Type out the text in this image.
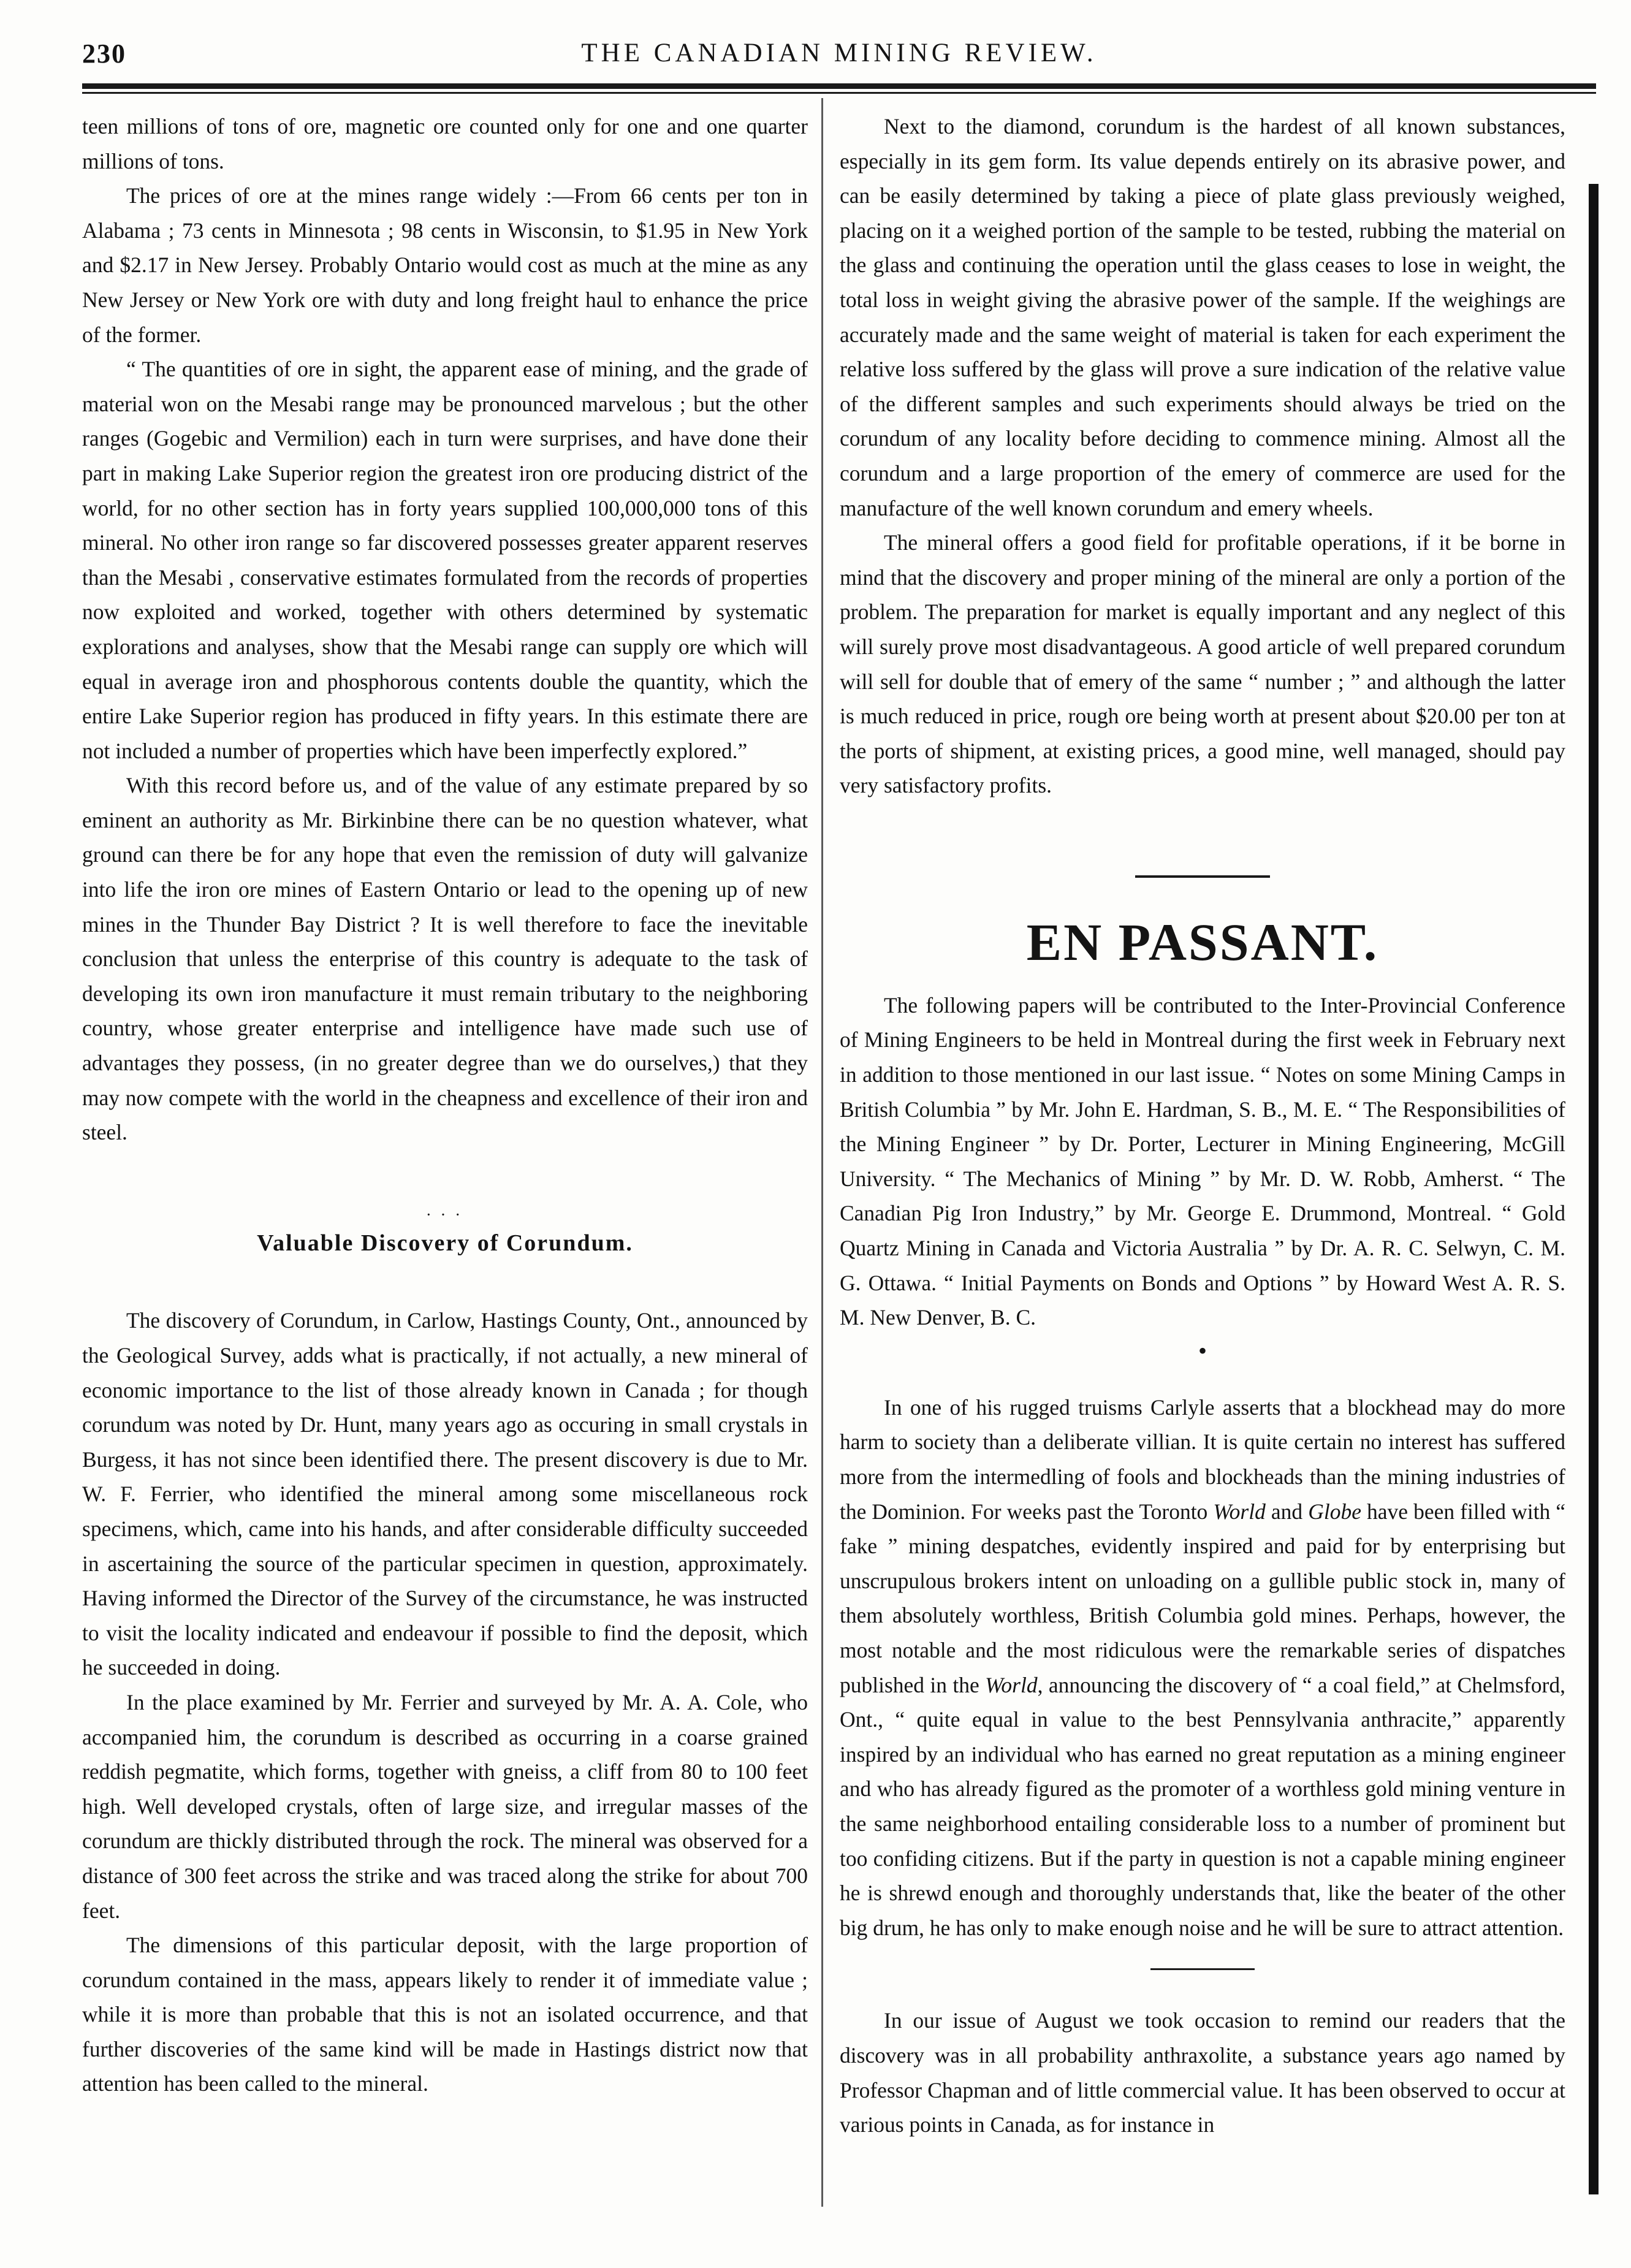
230	THE CANADIAN MINING REVIEW.

teen millions of tons of ore, magnetic ore counted only for one and one quarter millions of tons.

The prices of ore at the mines range widely :—From 66 cents per ton in Alabama ; 73 cents in Minnesota ; 98 cents in Wisconsin, to $1.95 in New York and $2.17 in New Jersey. Probably Ontario would cost as much at the mine as any New Jersey or New York ore with duty and long freight haul to enhance the price of the former.

“ The quantities of ore in sight, the apparent ease of mining, and the grade of material won on the Mesabi range may be pronounced marvelous ; but the other ranges (Gogebic and Vermilion) each in turn were surprises, and have done their part in making Lake Superior region the greatest iron ore producing district of the world, for no other section has in forty years supplied 100,000,000 tons of this mineral. No other iron range so far discovered possesses greater apparent reserves than the Mesabi , conservative estimates formulated from the records of properties now exploited and worked, together with others determined by systematic explorations and analyses, show that the Mesabi range can supply ore which will equal in average iron and phosphorous contents double the quantity, which the entire Lake Superior region has produced in fifty years. In this estimate there are not included a number of properties which have been imperfectly explored.”

With this record before us, and of the value of any estimate prepared by so eminent an authority as Mr. Birkinbine there can be no question whatever, what ground can there be for any hope that even the remission of duty will galvanize into life the iron ore mines of Eastern Ontario or lead to the opening up of new mines in the Thunder Bay District ? It is well therefore to face the inevitable conclusion that unless the enterprise of this country is adequate to the task of developing its own iron manufacture it must remain tributary to the neighboring country, whose greater enterprise and intelligence have made such use of advantages they possess, (in no greater degree than we do ourselves,) that they may now compete with the world in the cheapness and excellence of their iron and steel.

· · ·
Valuable Discovery of Corundum.

The discovery of Corundum, in Carlow, Hastings County, Ont., announced by the Geological Survey, adds what is practically, if not actually, a new mineral of economic importance to the list of those already known in Canada ; for though corundum was noted by Dr. Hunt, many years ago as occuring in small crystals in Burgess, it has not since been identified there. The present discovery is due to Mr. W. F. Ferrier, who identified the mineral among some miscellaneous rock specimens, which, came into his hands, and after considerable difficulty succeeded in ascertaining the source of the particular specimen in question, approximately. Having informed the Director of the Survey of the circumstance, he was instructed to visit the locality indicated and endeavour if possible to find the deposit, which he succeeded in doing.

In the place examined by Mr. Ferrier and surveyed by Mr. A. A. Cole, who accompanied him, the corundum is described as occurring in a coarse grained reddish pegmatite, which forms, together with gneiss, a cliff from 80 to 100 feet high. Well developed crystals, often of large size, and irregular masses of the corundum are thickly distributed through the rock. The mineral was observed for a distance of 300 feet across the strike and was traced along the strike for about 700 feet.

The dimensions of this particular deposit, with the large proportion of corundum contained in the mass, appears likely to render it of immediate value ; while it is more than probable that this is not an isolated occurrence, and that further discoveries of the same kind will be made in Hastings district now that attention has been called to the mineral.

Next to the diamond, corundum is the hardest of all known substances, especially in its gem form. Its value depends entirely on its abrasive power, and can be easily determined by taking a piece of plate glass previously weighed, placing on it a weighed portion of the sample to be tested, rubbing the material on the glass and continuing the operation until the glass ceases to lose in weight, the total loss in weight giving the abrasive power of the sample. If the weighings are accurately made and the same weight of material is taken for each experiment the relative loss suffered by the glass will prove a sure indication of the relative value of the different samples and such experiments should always be tried on the corundum of any locality before deciding to commence mining. Almost all the corundum and a large proportion of the emery of commerce are used for the manufacture of the well known corundum and emery wheels.

The mineral offers a good field for profitable operations, if it be borne in mind that the discovery and proper mining of the mineral are only a portion of the problem. The preparation for market is equally important and any neglect of this will surely prove most disadvantageous. A good article of well prepared corundum will sell for double that of emery of the same “ number ; ” and although the latter is much reduced in price, rough ore being worth at present about $20.00 per ton at the ports of shipment, at existing prices, a good mine, well managed, should pay very satisfactory profits.

EN PASSANT.

The following papers will be contributed to the Inter-Provincial Conference of Mining Engineers to be held in Montreal during the first week in February next in addition to those mentioned in our last issue. “ Notes on some Mining Camps in British Columbia ” by Mr. John E. Hardman, S. B., M. E. “ The Responsibilities of the Mining Engineer ” by Dr. Porter, Lecturer in Mining Engineering, McGill University. “ The Mechanics of Mining ” by Mr. D. W. Robb, Amherst. “ The Canadian Pig Iron Industry,” by Mr. George E. Drummond, Montreal. “ Gold Quartz Mining in Canada and Victoria Australia ” by Dr. A. R. C. Selwyn, C. M. G. Ottawa. “ Initial Payments on Bonds and Options ” by Howard West A. R. S. M. New Denver, B. C.

•

In one of his rugged truisms Carlyle asserts that a blockhead may do more harm to society than a deliberate villian. It is quite certain no interest has suffered more from the intermedling of fools and blockheads than the mining industries of the Dominion. For weeks past the Toronto World and Globe have been filled with “ fake ” mining despatches, evidently inspired and paid for by enterprising but unscrupulous brokers intent on unloading on a gullible public stock in, many of them absolutely worthless, British Columbia gold mines. Perhaps, however, the most notable and the most ridiculous were the remarkable series of dispatches published in the World, announcing the discovery of “ a coal field,” at Chelmsford, Ont., “ quite equal in value to the best Pennsylvania anthracite,” apparently inspired by an individual who has earned no great reputation as a mining engineer and who has already figured as the promoter of a worthless gold mining venture in the same neighborhood entailing considerable loss to a number of prominent but too confiding citizens. But if the party in question is not a capable mining engineer he is shrewd enough and thoroughly understands that, like the beater of the other big drum, he has only to make enough noise and he will be sure to attract attention.

In our issue of August we took occasion to remind our readers that the discovery was in all probability anthraxolite, a substance years ago named by Professor Chapman and of little commercial value. It has been observed to occur at various points in Canada, as for instance in
